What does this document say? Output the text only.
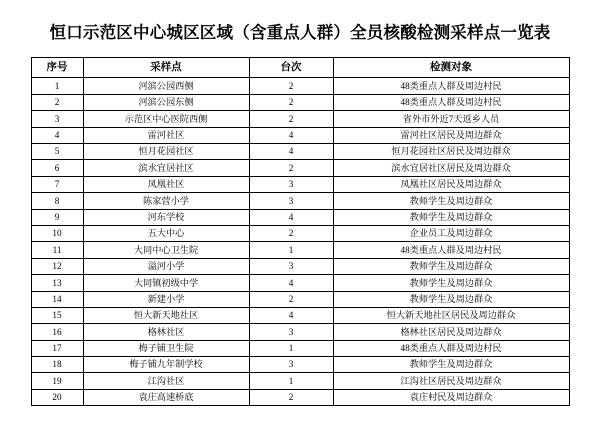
恒口示范区中心城区区域（含重点人群）全员核酸检测采样点一览表
序号	采样点	台次	检测对象
1	河滨公园西侧	2	48类重点人群及周边村民
2	河滨公园东侧	2	48类重点人群及周边村民
3	示范区中心医院西侧	2	省外市外近7天返乡人员
4	雷河社区	4	雷河社区居民及周边群众
5	恒月花园社区	4	恒月花园社区居民及周边群众
6	滨水宜居社区	2	滨水宜居社区居民及周边群众
7	凤凰社区	3	凤凰社区居民及周边群众
8	陈家营小学	3	教师学生及周边群众
9	河东学校	4	教师学生及周边群众
10	五大中心	2	企业员工及周边群众
11	大同中心卫生院	1	48类重点人群及周边村民
12	溢河小学	3	教师学生及周边群众
13	大同镇初级中学	4	教师学生及周边群众
14	新建小学	2	教师学生及周边群众
15	恒大新天地社区	4	恒大新天地社区居民及周边群众
16	格林社区	3	格林社区居民及周边群众
17	梅子铺卫生院	1	48类重点人群及周边村民
18	梅子铺九年制学校	3	教师学生及周边群众
19	江沟社区	1	江沟社区居民及周边群众
20	袁庄高速桥底	2	袁庄村民及周边群众
